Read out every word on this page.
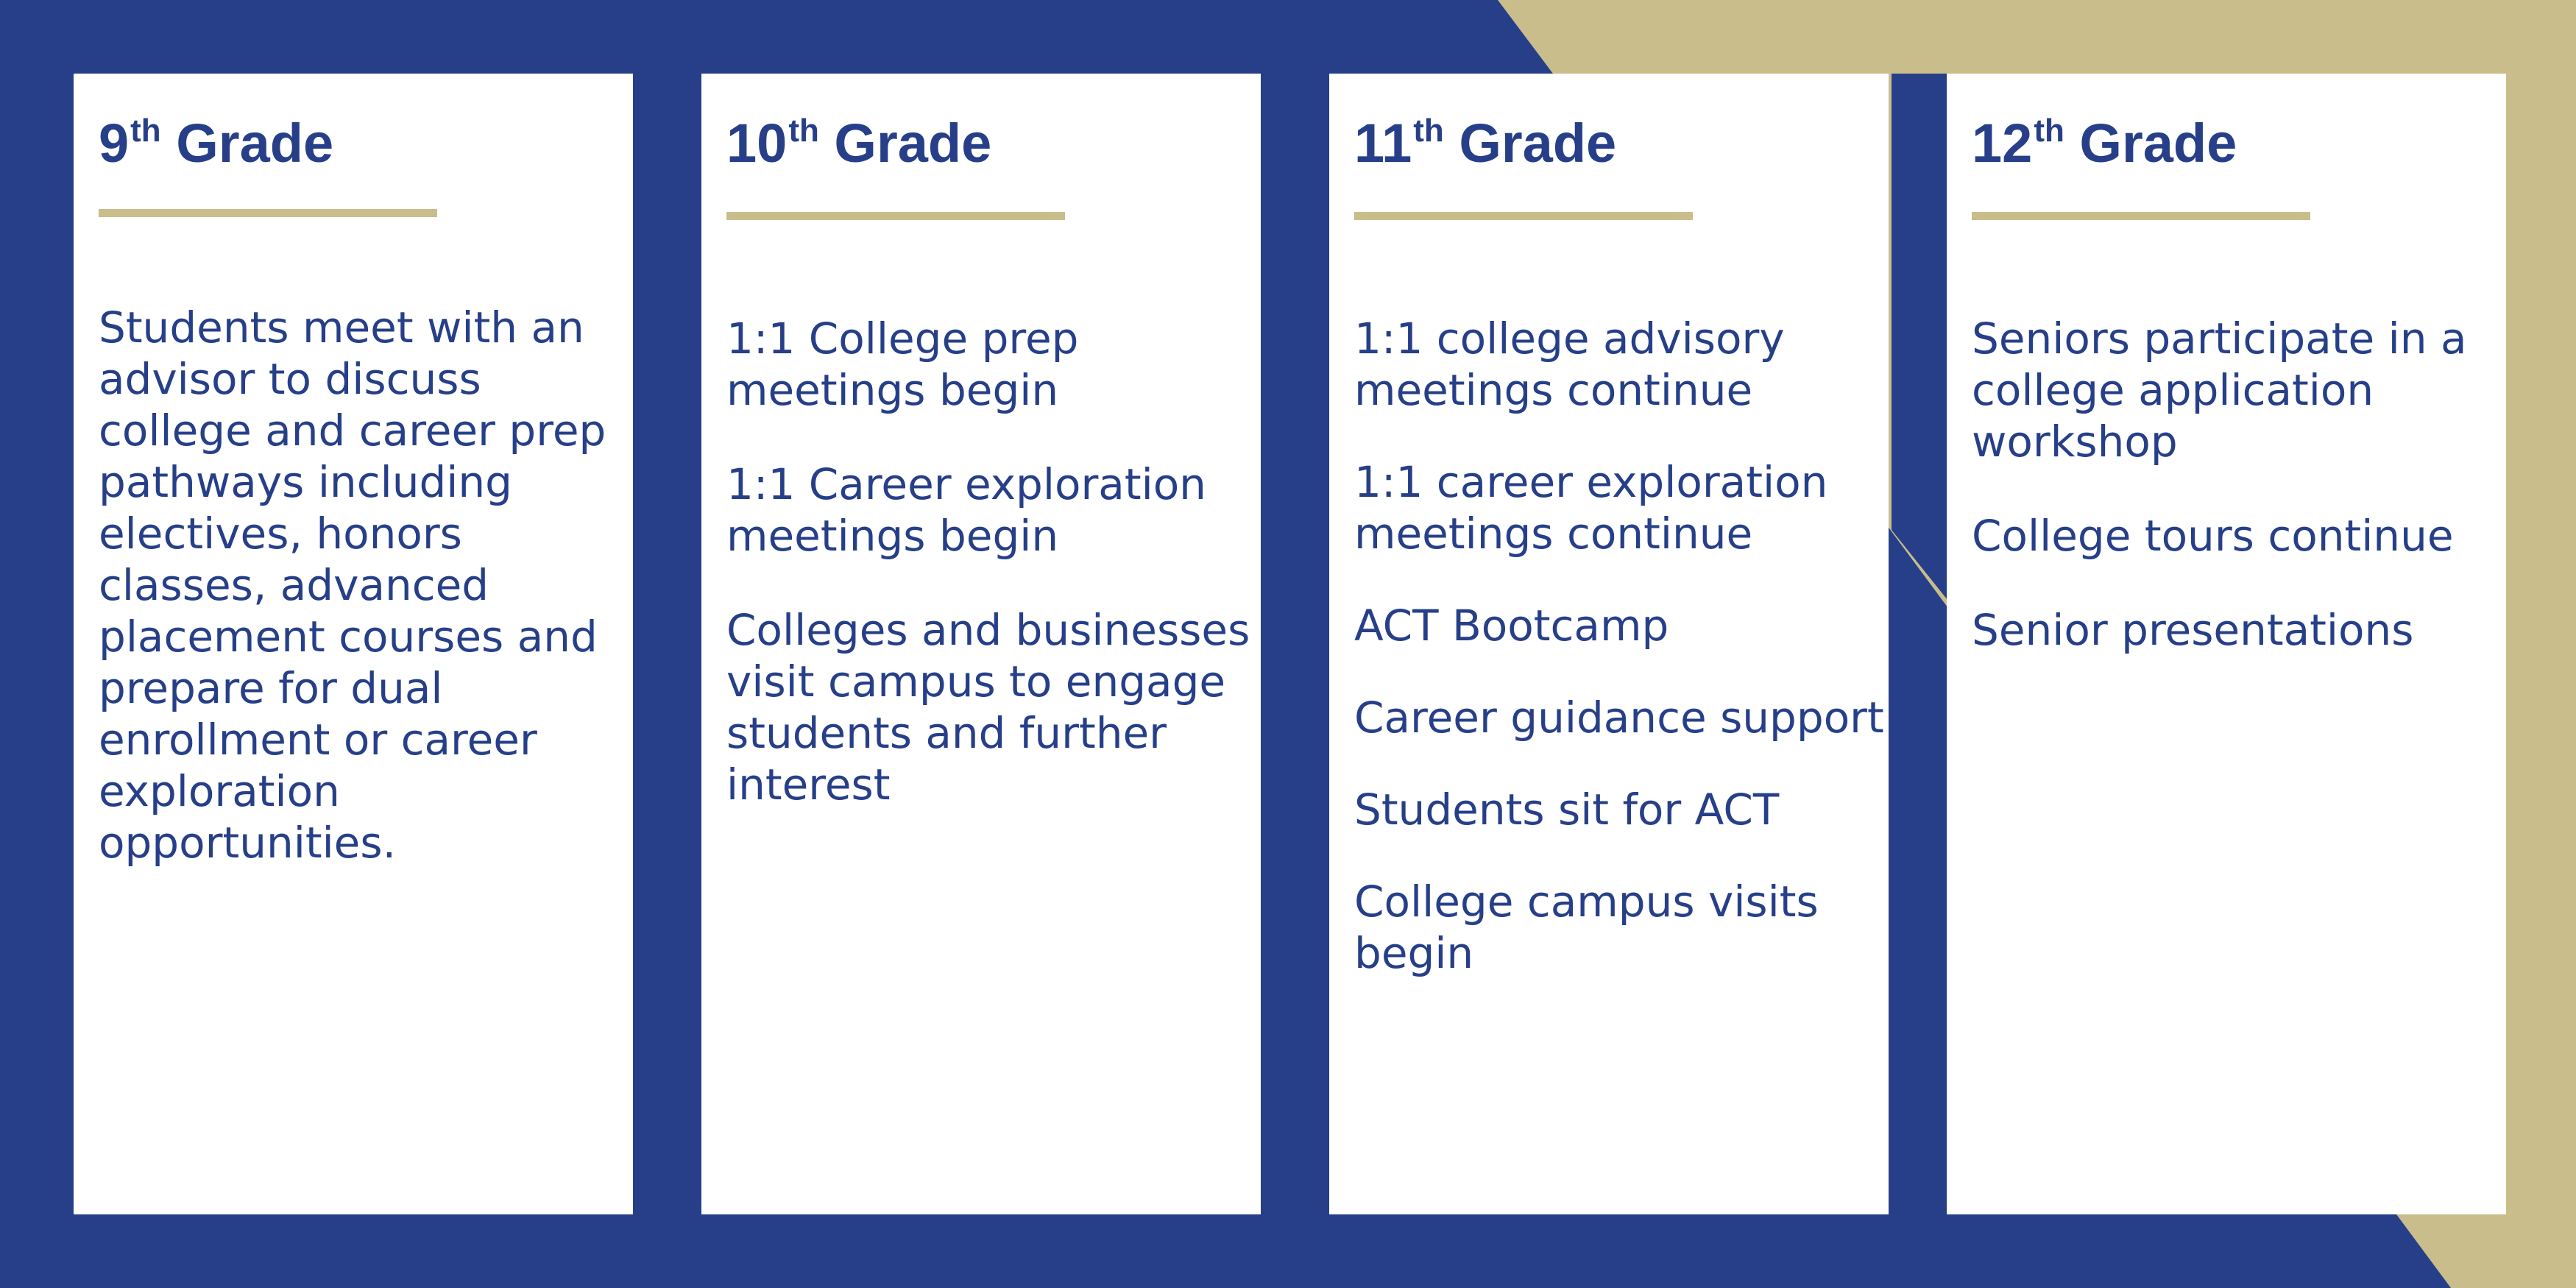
9th Grade

Students meet with an advisor to discuss college and career prep pathways including electives, honors classes, advanced placement courses and prepare for dual enrollment or career exploration opportunities.

10th Grade
1:1 College prep meetings begin
1:1 Career exploration meetings begin
Colleges and businesses visit campus to engage students and further interest
11th Grade
1:1 college advisory meetings continue
1:1 career exploration meetings continue
ACT Bootcamp
Career guidance support
Students sit for ACT
College campus visits begin
12th Grade
Seniors participate in a college application workshop
College tours continue
Senior presentations
